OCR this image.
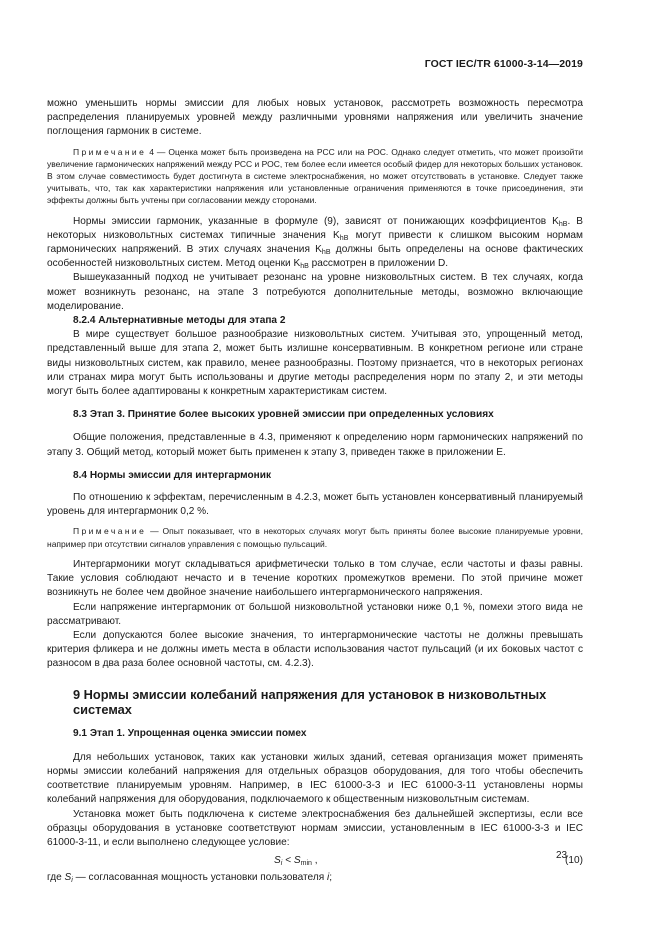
ГОСТ IEC/TR 61000-3-14—2019

можно уменьшить нормы эмиссии для любых новых установок, рассмотреть возможность пересмотра распределения планируемых уровней между различными уровнями напряжения или увеличить значение поглощения гармоник в системе.

Примечание 4 — Оценка может быть произведена на РСС или на РОС. Однако следует отметить, что может произойти увеличение гармонических напряжений между РСС и РОС, тем более если имеется особый фидер для некоторых больших установок. В этом случае совместимость будет достигнута в системе электроснабжения, но может отсутствовать в установке. Следует также учитывать, что, так как характеристики напряжения или установленные ограничения применяются в точке присоединения, эти эффекты должны быть учтены при согласовании между сторонами.

Нормы эмиссии гармоник, указанные в формуле (9), зависят от понижающих коэффициентов $K_{hB}$. В некоторых низковольтных системах типичные значения $K_{hB}$ могут привести к слишком высоким нормам гармонических напряжений. В этих случаях значения $K_{hB}$ должны быть определены на основе фактических особенностей низковольтных систем. Метод оценки $K_{hB}$ рассмотрен в приложении D.

Вышеуказанный подход не учитывает резонанс на уровне низковольтных систем. В тех случаях, когда может возникнуть резонанс, на этапе 3 потребуются дополнительные методы, возможно включающие моделирование.

8.2.4 Альтернативные методы для этапа 2

В мире существует большое разнообразие низковольтных систем. Учитывая это, упрощенный метод, представленный выше для этапа 2, может быть излишне консервативным. В конкретном регионе или стране виды низковольтных систем, как правило, менее разнообразны. Поэтому признается, что в некоторых регионах или странах мира могут быть использованы и другие методы распределения норм по этапу 2, и эти методы могут быть более адаптированы к конкретным характеристикам систем.

8.3 Этап 3. Принятие более высоких уровней эмиссии при определенных условиях

Общие положения, представленные в 4.3, применяют к определению норм гармонических напряжений по этапу 3. Общий метод, который может быть применен к этапу 3, приведен также в приложении Е.

8.4 Нормы эмиссии для интергармоник

По отношению к эффектам, перечисленным в 4.2.3, может быть установлен консервативный планируемый уровень для интергармоник 0,2 %.

Примечание — Опыт показывает, что в некоторых случаях могут быть приняты более высокие планируемые уровни, например при отсутствии сигналов управления с помощью пульсаций.

Интергармоники могут складываться арифметически только в том случае, если частоты и фазы равны. Такие условия соблюдают нечасто и в течение коротких промежутков времени. По этой причине может возникнуть не более чем двойное значение наибольшего интергармонического напряжения.

Если напряжение интергармоник от большой низковольтной установки ниже 0,1 %, помехи этого вида не рассматривают.

Если допускаются более высокие значения, то интергармонические частоты не должны превышать критерия фликера и не должны иметь места в области использования частот пульсаций (и их боковых частот с разносом в два раза более основной частоты, см. 4.2.3).

9 Нормы эмиссии колебаний напряжения для установок в низковольтных системах
9.1 Этап 1. Упрощенная оценка эмиссии помех

Для небольших установок, таких как установки жилых зданий, сетевая организация может применять нормы эмиссии колебаний напряжения для отдельных образцов оборудования, для того чтобы обеспечить соответствие планируемым уровням. Например, в IEC 61000-3-3 и IEC 61000-3-11 установлены нормы колебаний напряжения для оборудования, подключаемого к общественным низковольтным системам.

Установка может быть подключена к системе электроснабжения без дальнейшей экспертизы, если все образцы оборудования в установке соответствуют нормам эмиссии, установленным в IEC 61000-3-3 и IEC 61000-3-11, и если выполнено следующее условие:

$S_i < S_{min}$ ,	(10)

где $S_i$ — согласованная мощность установки пользователя i;

23
